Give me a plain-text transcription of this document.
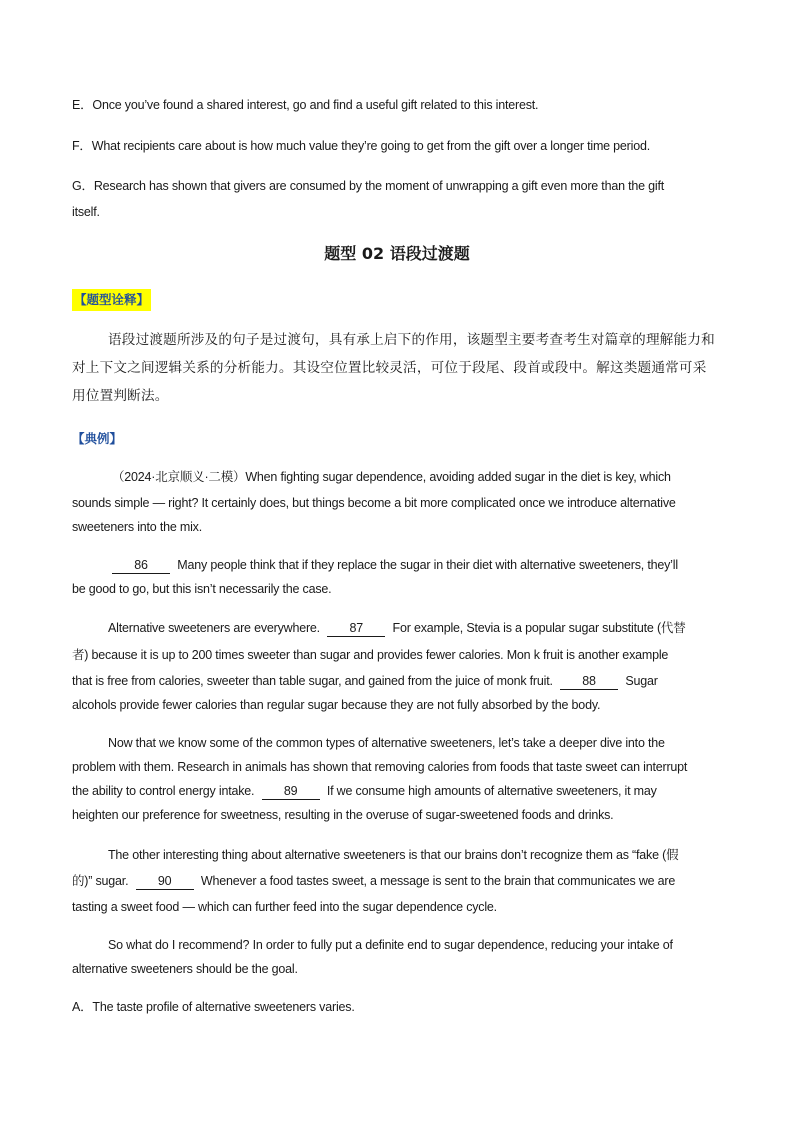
E．Once you’ve found a shared interest, go and find a useful gift related to this interest.
F．What recipients care about is how much value they’re going to get from the gift over a longer time period.
G．Research has shown that givers are consumed by the moment of unwrapping a gift even more than the gift
itself.
题型 02 语段过渡题
【题型诠释】
语段过渡题所涉及的句子是过渡句，具有承上启下的作用，该题型主要考查考生对篇章的理解能力和
对上下文之间逻辑关系的分析能力。其设空位置比较灵活，可位于段尾、段首或段中。解这类题通常可采
用位置判断法。
【典例】
（2024·北京顺义·二模）When fighting sugar dependence, avoiding added sugar in the diet is key, which
sounds simple — right? It certainly does, but things become a bit more complicated once we introduce alternative
sweeteners into the mix.
86 Many people think that if they replace the sugar in their diet with alternative sweeteners, they’ll
be good to go, but this isn’t necessarily the case.
Alternative sweeteners are everywhere. 87 For example, Stevia is a popular sugar substitute (代替
者) because it is up to 200 times sweeter than sugar and provides fewer calories. Mon k fruit is another example
that is free from calories, sweeter than table sugar, and gained from the juice of monk fruit. 88 Sugar
alcohols provide fewer calories than regular sugar because they are not fully absorbed by the body.
Now that we know some of the common types of alternative sweeteners, let’s take a deeper dive into the
problem with them. Research in animals has shown that removing calories from foods that taste sweet can interrupt
the ability to control energy intake. 89 If we consume high amounts of alternative sweeteners, it may
heighten our preference for sweetness, resulting in the overuse of sugar-sweetened foods and drinks.
The other interesting thing about alternative sweeteners is that our brains don’t recognize them as “fake (假
的)” sugar. 90 Whenever a food tastes sweet, a message is sent to the brain that communicates we are
tasting a sweet food — which can further feed into the sugar dependence cycle.
So what do I recommend? In order to fully put a definite end to sugar dependence, reducing your intake of
alternative sweeteners should be the goal.
A．The taste profile of alternative sweeteners varies.
